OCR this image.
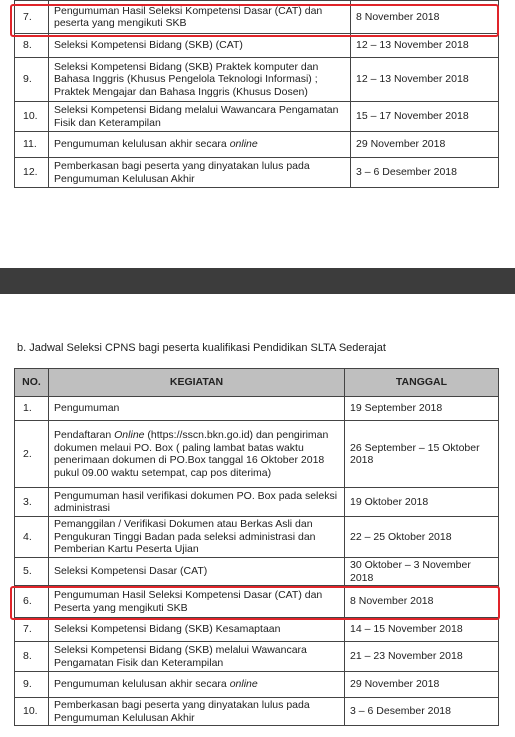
7.	Pengumuman Hasil Seleksi Kompetensi Dasar (CAT) dan peserta yang mengikuti SKB	8 November 2018
8.	Seleksi Kompetensi Bidang (SKB) (CAT)	12 – 13 November 2018
9.	Seleksi Kompetensi Bidang (SKB) Praktek komputer dan Bahasa Inggris (Khusus Pengelola Teknologi Informasi) ; Praktek Mengajar dan Bahasa Inggris (Khusus Dosen)	12 – 13 November 2018
10.	Seleksi Kompetensi Bidang melalui Wawancara Pengamatan Fisik dan Keterampilan	15 – 17 November 2018
11.	Pengumuman kelulusan akhir secara online	29 November 2018
12.	Pemberkasan bagi peserta yang dinyatakan lulus pada Pengumuman Kelulusan Akhir	3 – 6 Desember 2018
b. Jadwal Seleksi CPNS bagi peserta kualifikasi Pendidikan SLTA Sederajat
NO.	KEGIATAN	TANGGAL
1.	Pengumuman	19 September 2018
2.	Pendaftaran Online (https://sscn.bkn.go.id) dan pengiriman dokumen melaui PO. Box ( paling lambat batas waktu penerimaan dokumen di PO.Box tanggal 16 Oktober 2018 pukul 09.00 waktu setempat, cap pos diterima)	26 September – 15 Oktober 2018
3.	Pengumuman hasil verifikasi dokumen PO. Box pada seleksi administrasi	19 Oktober 2018
4.	Pemanggilan / Verifikasi Dokumen atau Berkas Asli dan Pengukuran Tinggi Badan pada seleksi administrasi dan Pemberian Kartu Peserta Ujian	22 – 25 Oktober 2018
5.	Seleksi Kompetensi Dasar (CAT)	30 Oktober – 3 November 2018
6.	Pengumuman Hasil Seleksi Kompetensi Dasar (CAT) dan Peserta yang mengikuti SKB	8 November 2018
7.	Seleksi Kompetensi Bidang (SKB) Kesamaptaan	14 – 15 November 2018
8.	Seleksi Kompetensi Bidang (SKB) melalui Wawancara Pengamatan Fisik dan Keterampilan	21 – 23 November 2018
9.	Pengumuman kelulusan akhir secara online	29 November 2018
10.	Pemberkasan bagi peserta yang dinyatakan lulus pada Pengumuman Kelulusan Akhir	3 – 6 Desember 2018
